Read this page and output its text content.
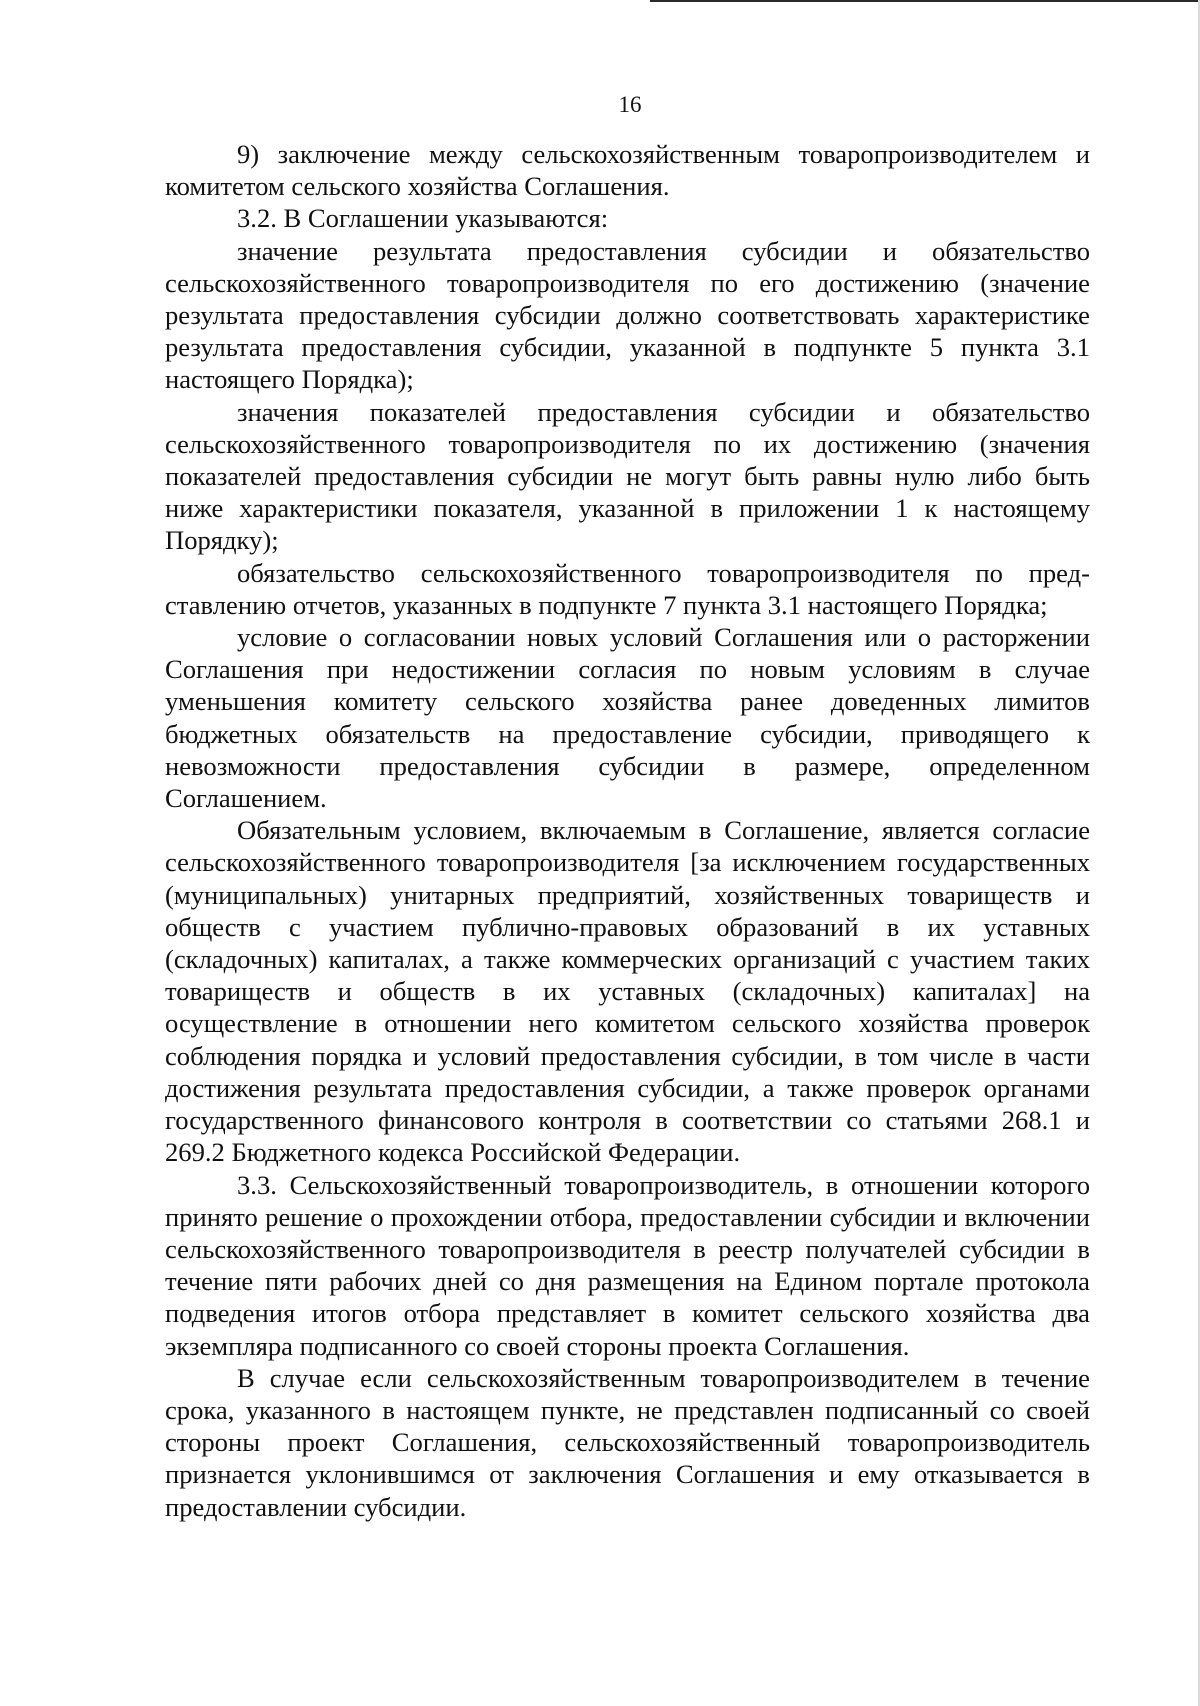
16

9) заключение между сельскохозяйственным товаропроизводителем и комитетом сельского хозяйства Соглашения.

3.2. В Соглашении указываются:

значение результата предоставления субсидии и обязательство сельскохозяйственного товаропроизводителя по его достижению (значение результата предоставления субсидии должно соответствовать характеристике результата предоставления субсидии, указанной в подпункте 5 пункта 3.1 настоящего Порядка);

значения показателей предоставления субсидии и обязательство сельскохозяйственного товаропроизводителя по их достижению (значения показателей предоставления субсидии не могут быть равны нулю либо быть ниже характеристики показателя, указанной в приложении 1 к настоящему Порядку);

обязательство сельскохозяйственного товаропроизводителя по представлению отчетов, указанных в подпункте 7 пункта 3.1 настоящего Порядка;

условие о согласовании новых условий Соглашения или о расторжении Соглашения при недостижении согласия по новым условиям в случае уменьшения комитету сельского хозяйства ранее доведенных лимитов бюджетных обязательств на предоставление субсидии, приводящего к невозможности предоставления субсидии в размере, определенном Соглашением.

Обязательным условием, включаемым в Соглашение, является согласие сельскохозяйственного товаропроизводителя [за исключением государственных (муниципальных) унитарных предприятий, хозяйственных товариществ и обществ с участием публично-правовых образований в их уставных (складочных) капиталах, а также коммерческих организаций с участием таких товариществ и обществ в их уставных (складочных) капиталах] на осуществление в отношении него комитетом сельского хозяйства проверок соблюдения порядка и условий предоставления субсидии, в том числе в части достижения результата предоставления субсидии, а также проверок органами государственного финансового контроля в соответствии со статьями 268.1 и 269.2 Бюджетного кодекса Российской Федерации.

3.3. Сельскохозяйственный товаропроизводитель, в отношении которого принято решение о прохождении отбора, предоставлении субсидии и включении сельскохозяйственного товаропроизводителя в реестр получателей субсидии в течение пяти рабочих дней со дня размещения на Едином портале протокола подведения итогов отбора представляет в комитет сельского хозяйства два экземпляра подписанного со своей стороны проекта Соглашения.

В случае если сельскохозяйственным товаропроизводителем в течение срока, указанного в настоящем пункте, не представлен подписанный со своей стороны проект Соглашения, сельскохозяйственный товаропроизводитель признается уклонившимся от заключения Соглашения и ему отказывается в предоставлении субсидии.
